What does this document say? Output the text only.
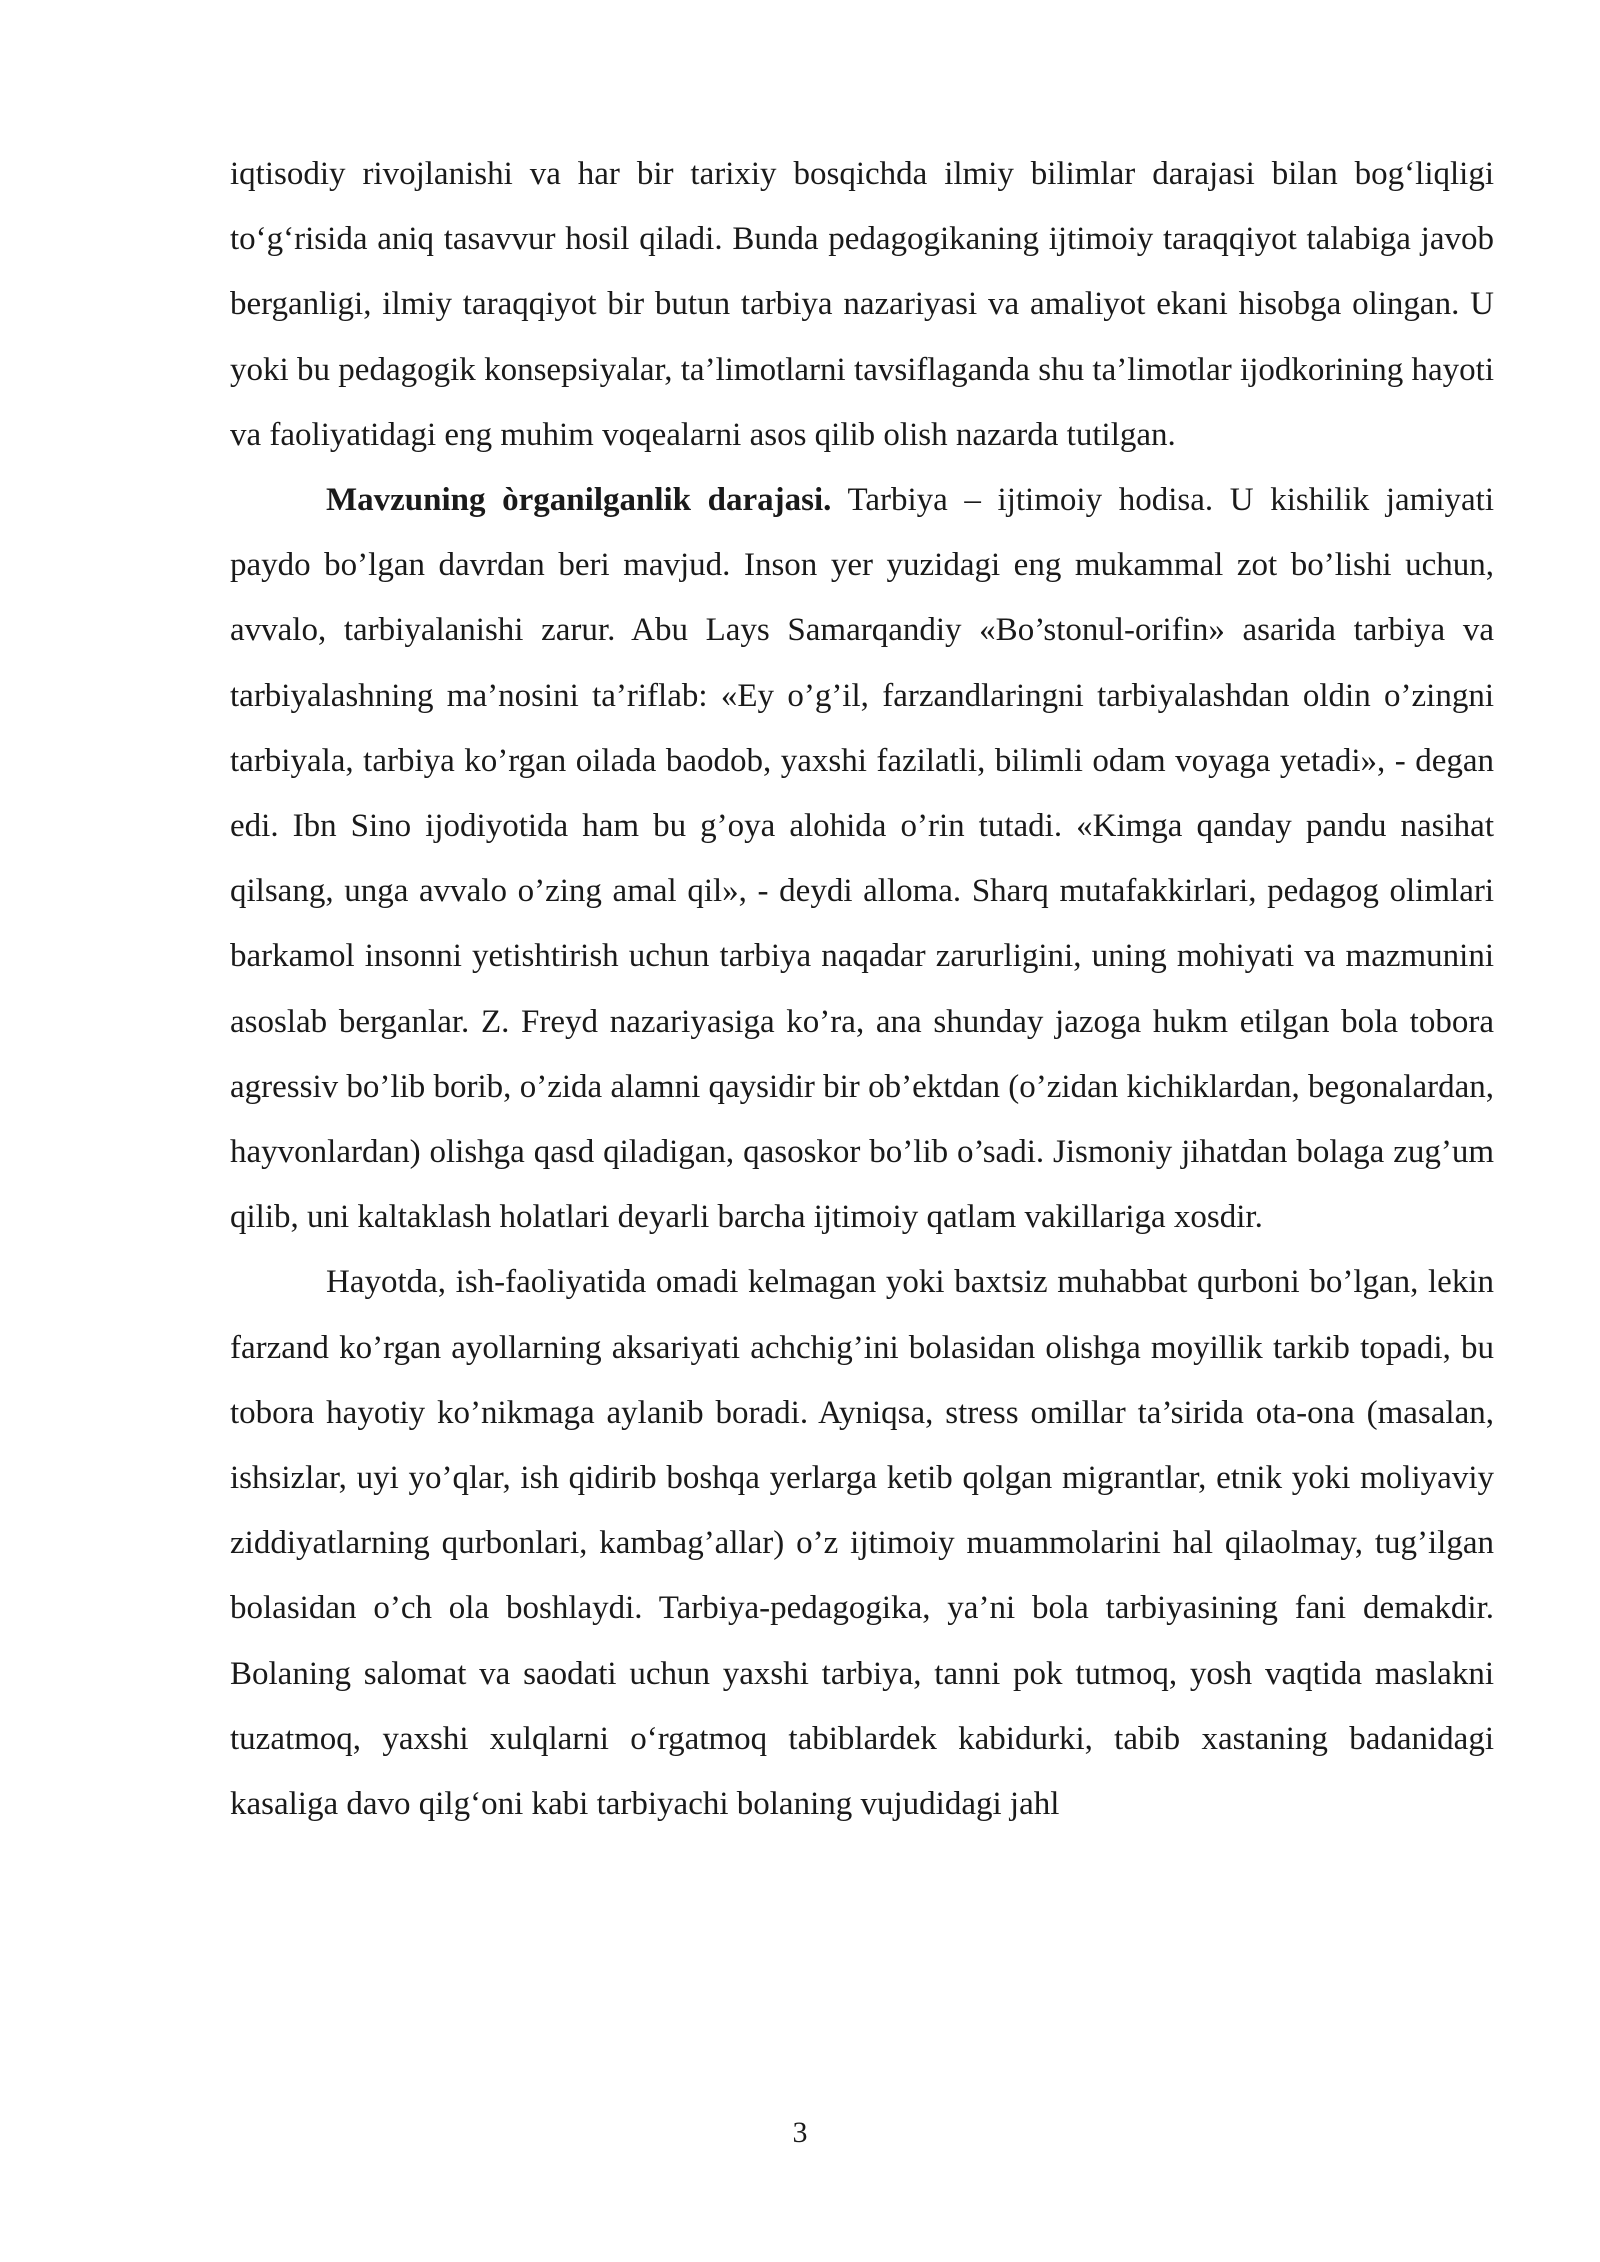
iqtisodiy rivojlanishi va har bir tarixiy bosqichda ilmiy bilimlar darajasi bilan bog‘liqligi to‘g‘risida aniq tasavvur hosil qiladi. Bunda pedagogikaning ijtimoiy taraqqiyot talabiga javob berganligi, ilmiy taraqqiyot bir butun tarbiya nazariyasi va amaliyot ekani hisobga olingan. U yoki bu pedagogik konsepsiyalar, ta’limotlarni tavsiflaganda shu ta’limotlar ijodkorining hayoti va faoliyatidagi eng muhim voqealarni asos qilib olish nazarda tutilgan.

Mavzuning òrganilganlik darajasi. Tarbiya – ijtimoiy hodisa. U kishilik jamiyati paydo bo’lgan davrdan beri mavjud. Inson yer yuzidagi eng mukammal zot bo’lishi uchun, avvalo, tarbiyalanishi zarur. Abu Lays Samarqandiy «Bo’stonul-orifin» asarida tarbiya va tarbiyalashning ma’nosini ta’riflab: «Ey o’g’il, farzandlaringni tarbiyalashdan oldin o’zingni tarbiyala, tarbiya ko’rgan oilada baodob, yaxshi fazilatli, bilimli odam voyaga yetadi», - degan edi. Ibn Sino ijodiyotida ham bu g’oya alohida o’rin tutadi. «Kimga qanday pandu nasihat qilsang, unga avvalo o’zing amal qil», - deydi alloma. Sharq mutafakkirlari, pedagog olimlari barkamol insonni yetishtirish uchun tarbiya naqadar zarurligini, uning mohiyati va mazmunini asoslab berganlar. Z. Freyd nazariyasiga ko’ra, ana shunday jazoga hukm etilgan bola tobora agressiv bo’lib borib, o’zida alamni qaysidir bir ob’ektdan (o’zidan kichiklardan, begonalardan, hayvonlardan) olishga qasd qiladigan, qasoskor bo’lib o’sadi. Jismoniy jihatdan bolaga zug’um qilib, uni kaltaklash holatlari deyarli barcha ijtimoiy qatlam vakillariga xosdir.

Hayotda, ish-faoliyatida omadi kelmagan yoki baxtsiz muhabbat qurboni bo’lgan, lekin farzand ko’rgan ayollarning aksariyati achchig’ini bolasidan olishga moyillik tarkib topadi, bu tobora hayotiy ko’nikmaga aylanib boradi. Ayniqsa, stress omillar ta’sirida ota-ona (masalan, ishsizlar, uyi yo’qlar, ish qidirib boshqa yerlarga ketib qolgan migrantlar, etnik yoki moliyaviy ziddiyatlarning qurbonlari, kambag’allar) o’z ijtimoiy muammolarini hal qilaolmay, tug’ilgan bolasidan o’ch ola boshlaydi. Tarbiya-pedagogika, ya’ni bola tarbiyasining fani demakdir. Bolaning salomat va saodati uchun yaxshi tarbiya, tanni pok tutmoq, yosh vaqtida maslakni tuzatmoq, yaxshi xulqlarni o‘rgatmoq tabiblardek kabidurki, tabib xastaning badanidagi kasaliga davo qilg‘oni kabi tarbiyachi bolaning vujudidagi jahl

3
